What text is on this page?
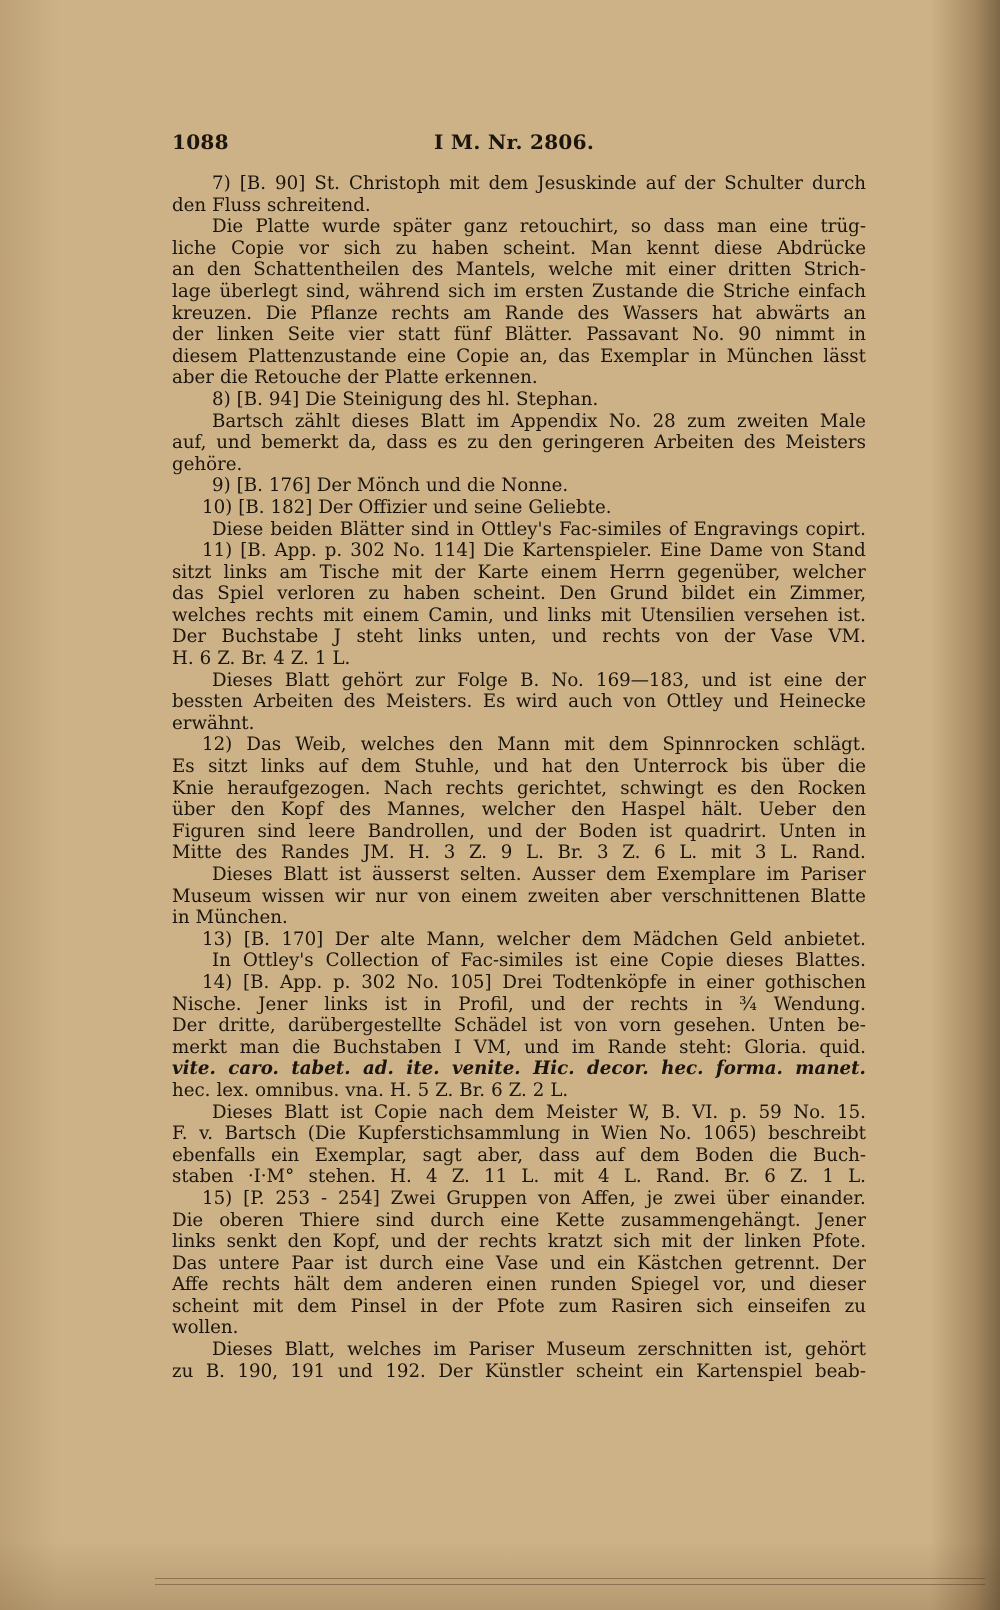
1088	I M. Nr. 2806.
7) [B. 90] St. Christoph mit dem Jesuskinde auf der Schulter durch
den Fluss schreitend.
Die Platte wurde später ganz retouchirt, so dass man eine trüg-
liche Copie vor sich zu haben scheint. Man kennt diese Abdrücke
an den Schattentheilen des Mantels, welche mit einer dritten Strich-
lage überlegt sind, während sich im ersten Zustande die Striche einfach
kreuzen. Die Pflanze rechts am Rande des Wassers hat abwärts an
der linken Seite vier statt fünf Blätter. Passavant No. 90 nimmt in
diesem Plattenzustande eine Copie an, das Exemplar in München lässt
aber die Retouche der Platte erkennen.
8) [B. 94] Die Steinigung des hl. Stephan.
Bartsch zählt dieses Blatt im Appendix No. 28 zum zweiten Male
auf, und bemerkt da, dass es zu den geringeren Arbeiten des Meisters
gehöre.
9) [B. 176] Der Mönch und die Nonne.
10) [B. 182] Der Offizier und seine Geliebte.
Diese beiden Blätter sind in Ottley's Fac-similes of Engravings copirt.
11) [B. App. p. 302 No. 114] Die Kartenspieler. Eine Dame von Stand
sitzt links am Tische mit der Karte einem Herrn gegenüber, welcher
das Spiel verloren zu haben scheint. Den Grund bildet ein Zimmer,
welches rechts mit einem Camin, und links mit Utensilien versehen ist.
Der Buchstabe J steht links unten, und rechts von der Vase VM.
H. 6 Z. Br. 4 Z. 1 L.
Dieses Blatt gehört zur Folge B. No. 169—183, und ist eine der
bessten Arbeiten des Meisters. Es wird auch von Ottley und Heinecke
erwähnt.
12) Das Weib, welches den Mann mit dem Spinnrocken schlägt.
Es sitzt links auf dem Stuhle, und hat den Unterrock bis über die
Knie heraufgezogen. Nach rechts gerichtet, schwingt es den Rocken
über den Kopf des Mannes, welcher den Haspel hält. Ueber den
Figuren sind leere Bandrollen, und der Boden ist quadrirt. Unten in
Mitte des Randes JM. H. 3 Z. 9 L. Br. 3 Z. 6 L. mit 3 L. Rand.
Dieses Blatt ist äusserst selten. Ausser dem Exemplare im Pariser
Museum wissen wir nur von einem zweiten aber verschnittenen Blatte
in München.
13) [B. 170] Der alte Mann, welcher dem Mädchen Geld anbietet.
In Ottley's Collection of Fac-similes ist eine Copie dieses Blattes.
14) [B. App. p. 302 No. 105] Drei Todtenköpfe in einer gothischen
Nische. Jener links ist in Profil, und der rechts in ¾ Wendung.
Der dritte, darübergestellte Schädel ist von vorn gesehen. Unten be-
merkt man die Buchstaben I VM, und im Rande steht: Gloria. quid.
vite. caro. tabet. ad. ite. venite. Hic. decor. hec. forma. manet.
hec. lex. omnibus. vna. H. 5 Z. Br. 6 Z. 2 L.
Dieses Blatt ist Copie nach dem Meister W, B. VI. p. 59 No. 15.
F. v. Bartsch (Die Kupferstichsammlung in Wien No. 1065) beschreibt
ebenfalls ein Exemplar, sagt aber, dass auf dem Boden die Buch-
staben ·I·M° stehen. H. 4 Z. 11 L. mit 4 L. Rand. Br. 6 Z. 1 L.
15) [P. 253 - 254] Zwei Gruppen von Affen, je zwei über einander.
Die oberen Thiere sind durch eine Kette zusammengehängt. Jener
links senkt den Kopf, und der rechts kratzt sich mit der linken Pfote.
Das untere Paar ist durch eine Vase und ein Kästchen getrennt. Der
Affe rechts hält dem anderen einen runden Spiegel vor, und dieser
scheint mit dem Pinsel in der Pfote zum Rasiren sich einseifen zu
wollen.
Dieses Blatt, welches im Pariser Museum zerschnitten ist, gehört
zu B. 190, 191 und 192. Der Künstler scheint ein Kartenspiel beab-
